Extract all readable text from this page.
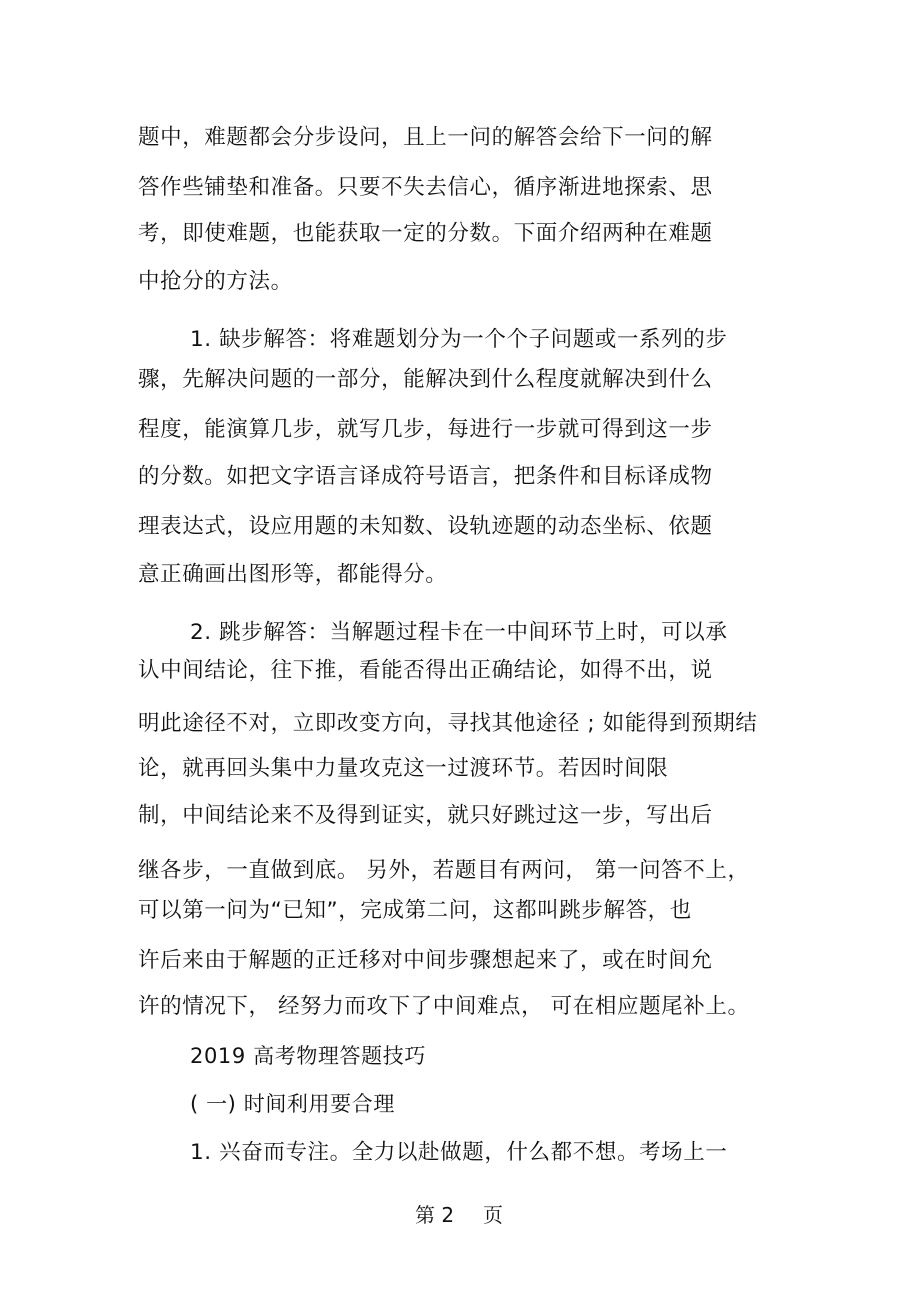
题中，难题都会分步设问，且上一问的解答会给下一问的解
答作些铺垫和准备。只要不失去信心，循序渐进地探索、思
考，即使难题，也能获取一定的分数。下面介绍两种在难题
中抢分的方法。
1. 缺步解答：将难题划分为一个个子问题或一系列的步
骤，先解决问题的一部分，能解决到什么程度就解决到什么
程度，能演算几步，就写几步，每进行一步就可得到这一步
的分数。如把文字语言译成符号语言，把条件和目标译成物
理表达式，设应用题的未知数、设轨迹题的动态坐标、依题
意正确画出图形等，都能得分。
2. 跳步解答：当解题过程卡在一中间环节上时，可以承
认中间结论，往下推，看能否得出正确结论，如得不出，说
明此途径不对，立即改变方向，寻找其他途径 ; 如能得到预期结
论，就再回头集中力量攻克这一过渡环节。若因时间限
制，中间结论来不及得到证实，就只好跳过这一步，写出后
继各步，一直做到底。 另外，若题目有两问， 第一问答不上，
可以第一问为“已知”，完成第二问，这都叫跳步解答，也
许后来由于解题的正迁移对中间步骤想起来了，或在时间允
许的情况下， 经努力而攻下了中间难点， 可在相应题尾补上。
2019 高考物理答题技巧
( 一) 时间利用要合理
1. 兴奋而专注。全力以赴做题，什么都不想。考场上一
第 2 页
